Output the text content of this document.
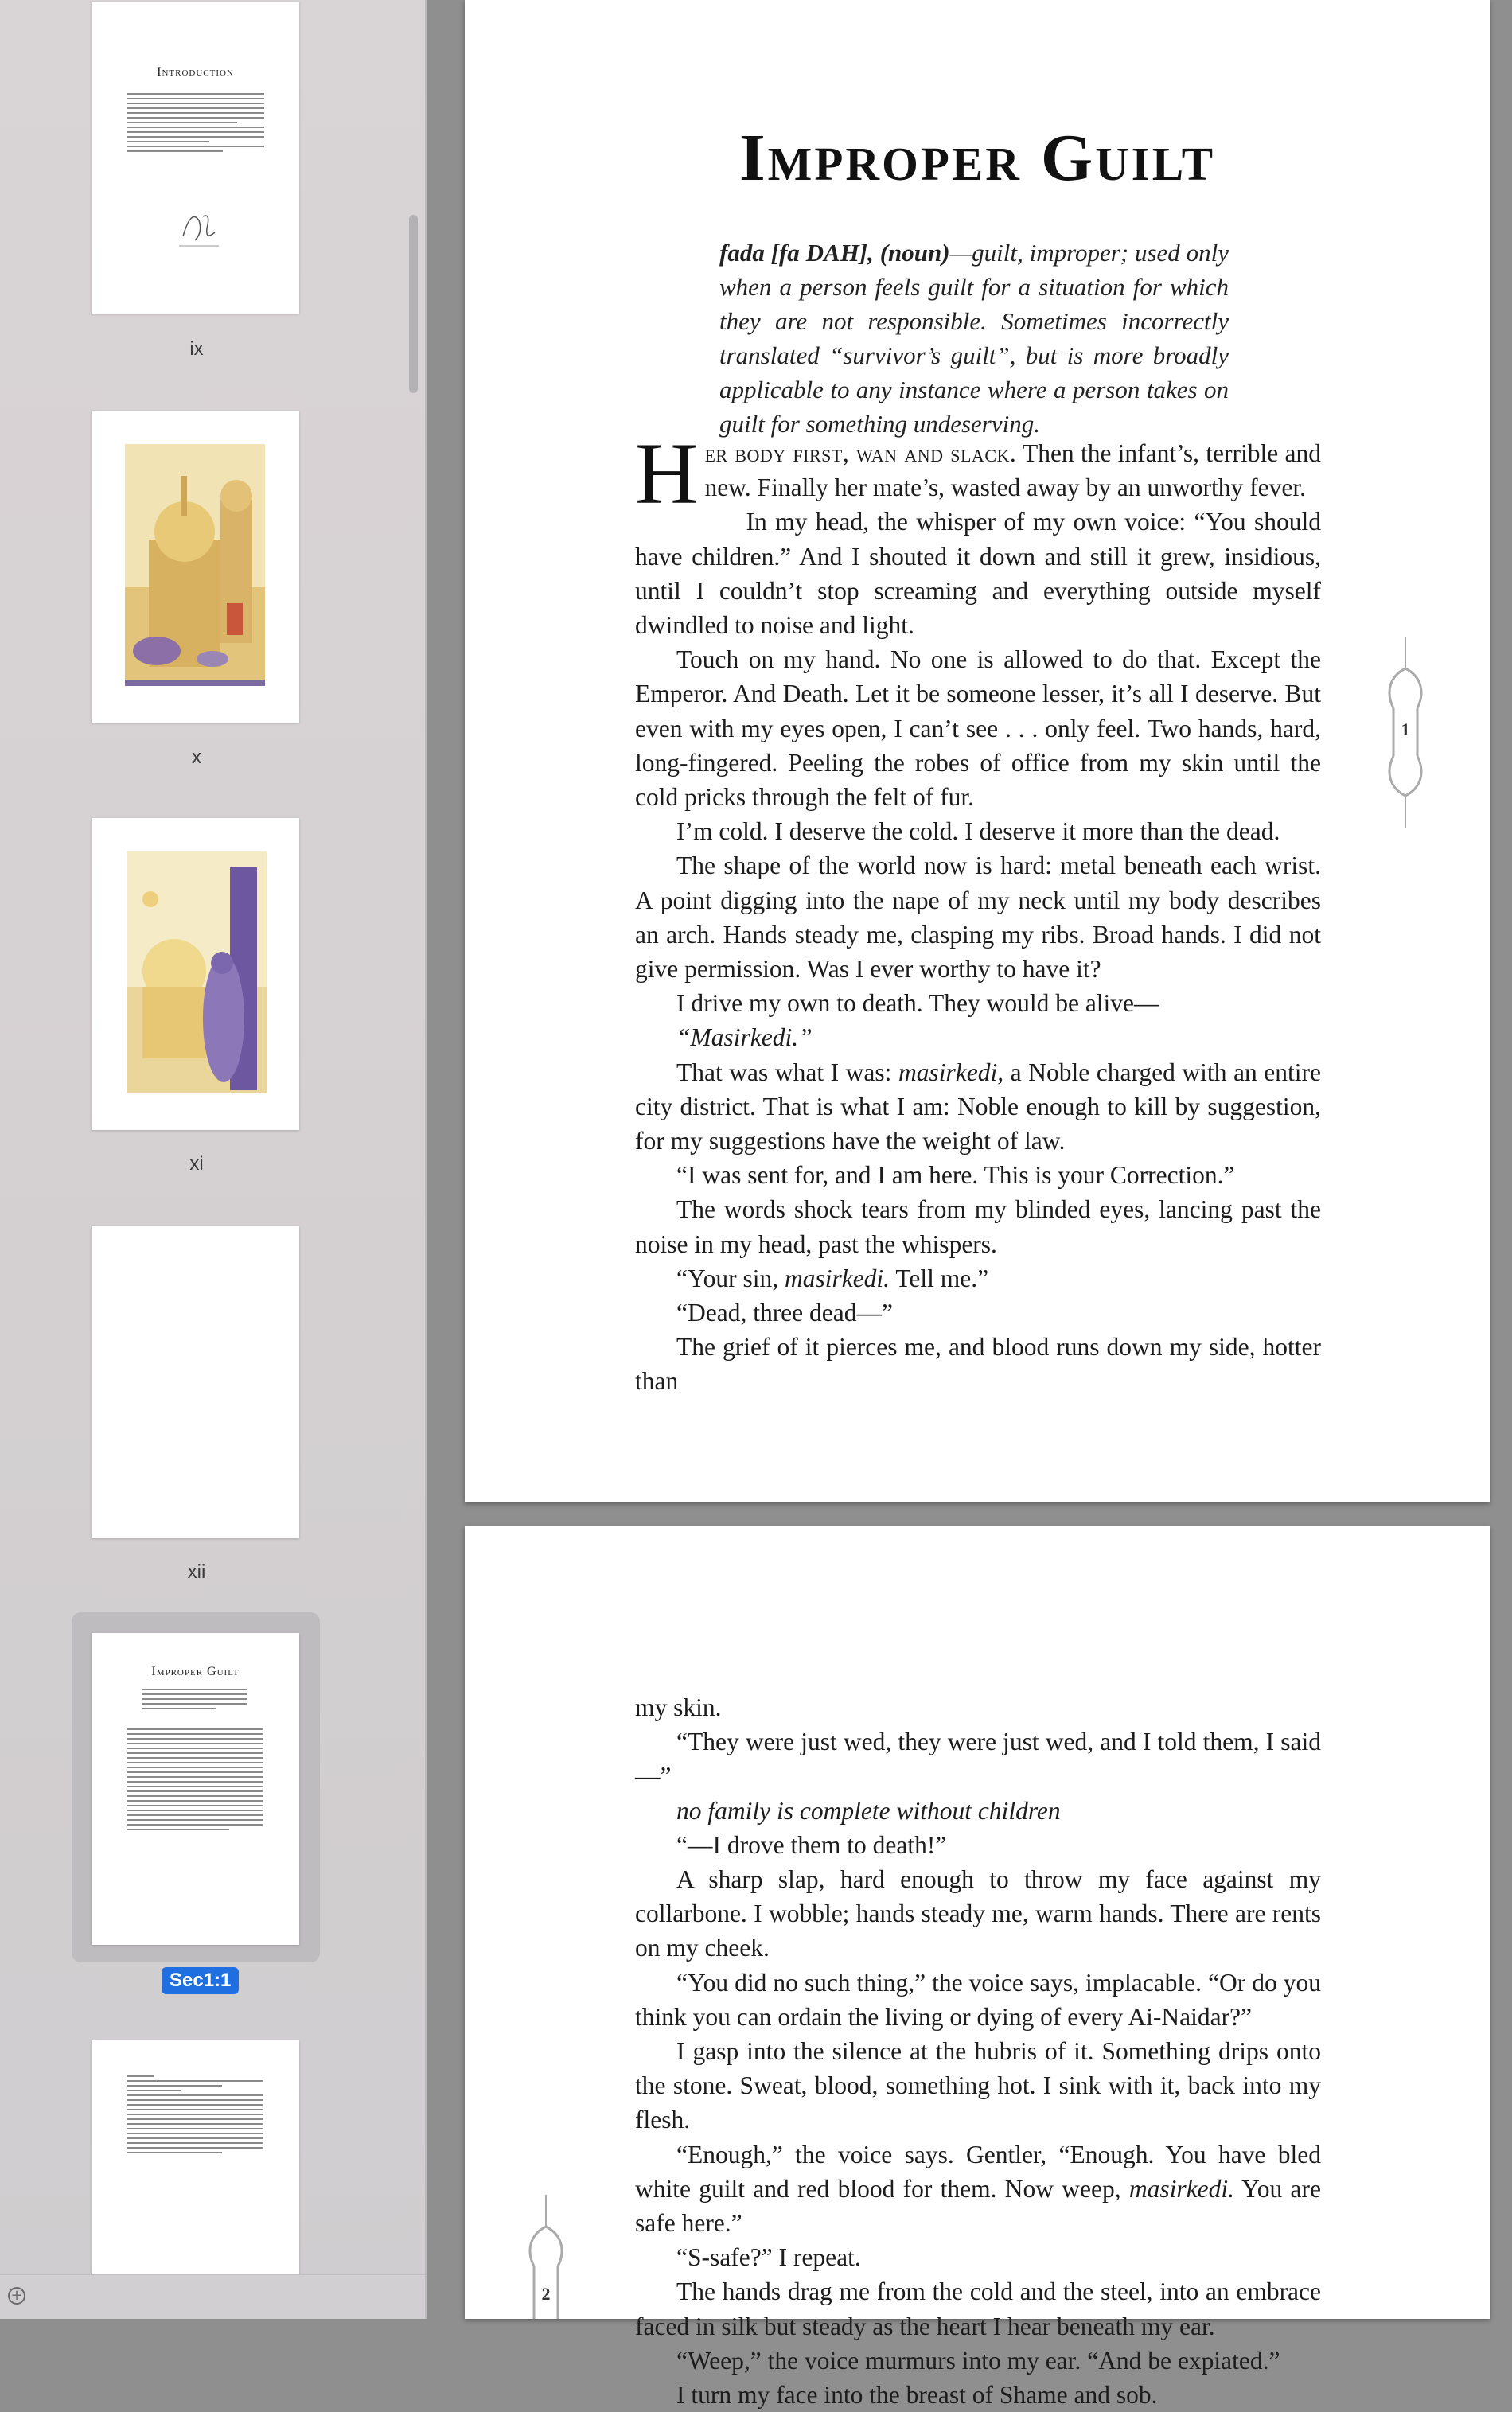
Introduction
ix
x
xi
xii
Improper Guilt
Sec1:1
+
Improper Guilt
fada [fa DAH], (noun)—guilt, improper; used only when a person feels guilt for a situation for which they are not responsible. Sometimes incorrectly translated “survivor’s guilt”, but is more broadly applicable to any instance where a person takes on guilt for something undeserving.

Her body first, wan and slack. Then the infant’s, terrible and new. Finally her mate’s, wasted away by an unworthy fever.

In my head, the whisper of my own voice: “You should have children.” And I shouted it down and still it grew, insidious, until I couldn’t stop screaming and everything outside myself dwindled to noise and light.

Touch on my hand. No one is allowed to do that. Except the Emperor. And Death. Let it be someone lesser, it’s all I deserve. But even with my eyes open, I can’t see . . . only feel. Two hands, hard, long-fingered. Peeling the robes of office from my skin until the cold pricks through the felt of fur.

I’m cold. I deserve the cold. I deserve it more than the dead.

The shape of the world now is hard: metal beneath each wrist. A point digging into the nape of my neck until my body describes an arch. Hands steady me, clasping my ribs. Broad hands. I did not give permission. Was I ever worthy to have it?

I drive my own to death. They would be alive—

“Masirkedi.”

That was what I was: masirkedi, a Noble charged with an entire city district. That is what I am: Noble enough to kill by suggestion, for my suggestions have the weight of law.

“I was sent for, and I am here. This is your Correction.”

The words shock tears from my blinded eyes, lancing past the noise in my head, past the whispers.

“Your sin, masirkedi. Tell me.”

“Dead, three dead—”

The grief of it pierces me, and blood runs down my side, hotter than

1

my skin.

“They were just wed, they were just wed, and I told them, I said—”

no family is complete without children

“—I drove them to death!”

A sharp slap, hard enough to throw my face against my collarbone. I wobble; hands steady me, warm hands. There are rents on my cheek.

“You did no such thing,” the voice says, implacable. “Or do you think you can ordain the living or dying of every Ai-Naidar?”

I gasp into the silence at the hubris of it. Something drips onto the stone. Sweat, blood, something hot. I sink with it, back into my flesh.

“Enough,” the voice says. Gentler, “Enough. You have bled white guilt and red blood for them. Now weep, masirkedi. You are safe here.”

“S-safe?” I repeat.

The hands drag me from the cold and the steel, into an embrace faced in silk but steady as the heart I hear beneath my ear.

“Weep,” the voice murmurs into my ear. “And be expiated.”

I turn my face into the breast of Shame and sob.

2
